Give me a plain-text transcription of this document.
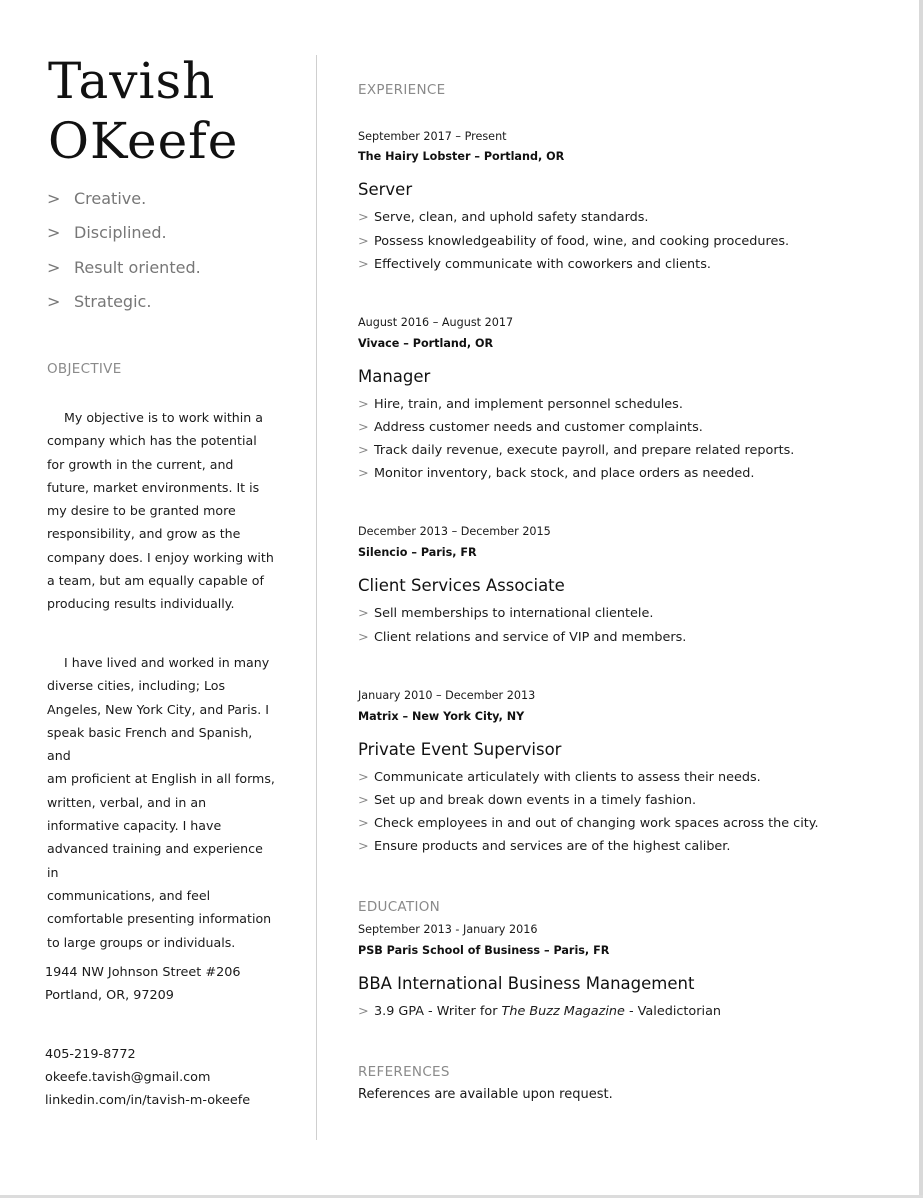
Tavish
OKeefe
> Creative.
> Disciplined.
> Result oriented.
> Strategic.
OBJECTIVE
My objective is to work within a
company which has the potential
for growth in the current, and
future, market environments. It is
my desire to be granted more
responsibility, and grow as the
company does. I enjoy working with
a team, but am equally capable of
producing results individually.
I have lived and worked in many
diverse cities, including; Los
Angeles, New York City, and Paris. I
speak basic French and Spanish, and
am proficient at English in all forms,
written, verbal, and in an
informative capacity. I have
advanced training and experience in
communications, and feel
comfortable presenting information
to large groups or individuals.
1944 NW Johnson Street #206
Portland, OR, 97209
405-219-8772
okeefe.tavish@gmail.com
linkedin.com/in/tavish-m-okeefe
EXPERIENCE
September 2017 – Present
The Hairy Lobster – Portland, OR
Server
> Serve, clean, and uphold safety standards.
> Possess knowledgeability of food, wine, and cooking procedures.
> Effectively communicate with coworkers and clients.
August 2016 – August 2017
Vivace – Portland, OR
Manager
> Hire, train, and implement personnel schedules.
> Address customer needs and customer complaints.
> Track daily revenue, execute payroll, and prepare related reports.
> Monitor inventory, back stock, and place orders as needed.
December 2013 – December 2015
Silencio – Paris, FR
Client Services Associate
> Sell memberships to international clientele.
> Client relations and service of VIP and members.
January 2010 – December 2013
Matrix – New York City, NY
Private Event Supervisor
> Communicate articulately with clients to assess their needs.
> Set up and break down events in a timely fashion.
> Check employees in and out of changing work spaces across the city.
> Ensure products and services are of the highest caliber.
EDUCATION
September 2013 - January 2016
PSB Paris School of Business – Paris, FR
BBA International Business Management
> 3.9 GPA - Writer for The Buzz Magazine - Valedictorian
REFERENCES
References are available upon request.
